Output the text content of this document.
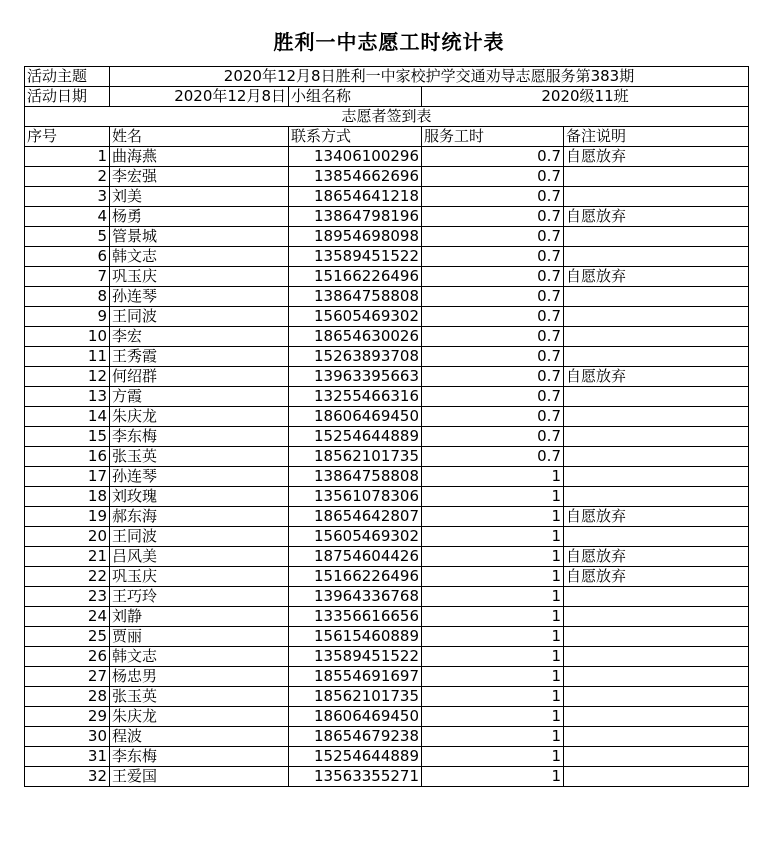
胜利一中志愿工时统计表
活动主题	2020年12月8日胜利一中家校护学交通劝导志愿服务第383期			
活动日期	2020年12月8日	小组名称	2020级11班	
志愿者签到表				
序号	姓名	联系方式	服务工时	备注说明
1	曲海燕	13406100296	0.7	自愿放弃
2	李宏强	13854662696	0.7	
3	刘美	18654641218	0.7	
4	杨勇	13864798196	0.7	自愿放弃
5	管景城	18954698098	0.7	
6	韩文志	13589451522	0.7	
7	巩玉庆	15166226496	0.7	自愿放弃
8	孙连琴	13864758808	0.7	
9	王同波	15605469302	0.7	
10	李宏	18654630026	0.7	
11	王秀霞	15263893708	0.7	
12	何绍群	13963395663	0.7	自愿放弃
13	方霞	13255466316	0.7	
14	朱庆龙	18606469450	0.7	
15	李东梅	15254644889	0.7	
16	张玉英	18562101735	0.7	
17	孙连琴	13864758808	1	
18	刘玫瑰	13561078306	1	
19	郝东海	18654642807	1	自愿放弃
20	王同波	15605469302	1	
21	吕风美	18754604426	1	自愿放弃
22	巩玉庆	15166226496	1	自愿放弃
23	王巧玲	13964336768	1	
24	刘静	13356616656	1	
25	贾丽	15615460889	1	
26	韩文志	13589451522	1	
27	杨忠男	18554691697	1	
28	张玉英	18562101735	1	
29	朱庆龙	18606469450	1	
30	程波	18654679238	1	
31	李东梅	15254644889	1	
32	王爱国	13563355271	1	
